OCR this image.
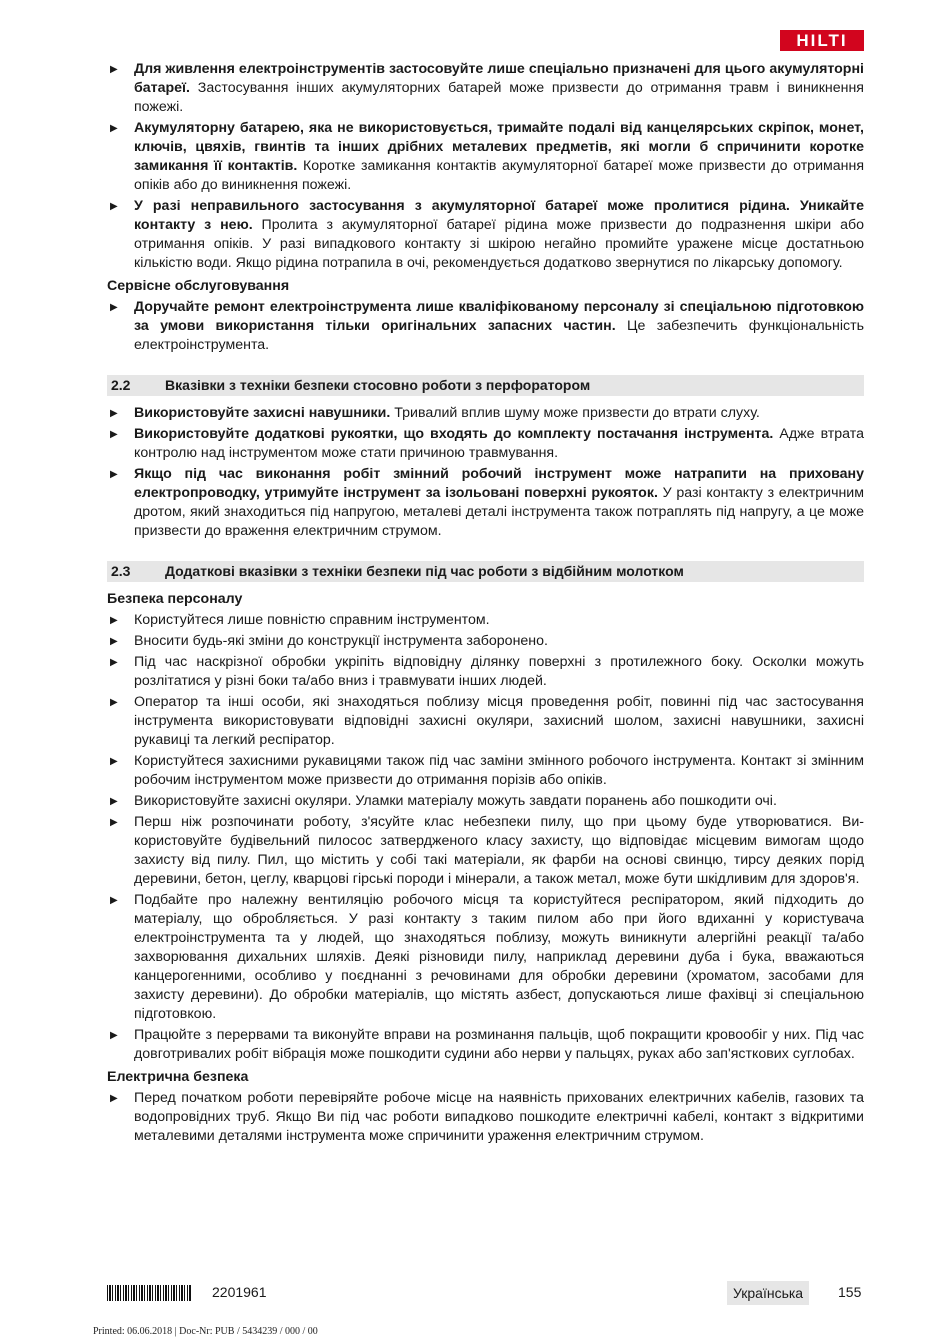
HILTI
▶ Для живлення електроінструментів застосовуйте лише спеціально призначені для цього акумуляторні батареї. Застосування інших акумуляторних батарей може призвести до отримання травм і виникнення пожежі.
▶ Акумуляторну батарею, яка не використовується, тримайте подалі від канцелярських скріпок, монет, ключів, цвяхів, гвинтів та інших дрібних металевих предметів, які могли б спричинити коротке замикання її контактів. Коротке замикання контактів акумуляторної батареї може призвести до отримання опіків або до виникнення пожежі.
▶ У разі неправильного застосування з акумуляторної батареї може пролитися рідина. Уникайте контакту з нею. Пролита з акумуляторної батареї рідина може призвести до подразнення шкіри або отримання опіків. У разі випадкового контакту зі шкірою негайно промийте уражене місце достатньою кількістю води. Якщо рідина потрапила в очі, рекомендується додатково звернутися по лікарську допомогу.
Сервісне обслуговування
▶ Доручайте ремонт електроінструмента лише кваліфікованому персоналу зі спеціальною підготовкою за умови використання тільки оригінальних запасних частин. Це забезпечить функціональність електроінструмента.
2.2 Вказівки з техніки безпеки стосовно роботи з перфоратором
▶ Використовуйте захисні навушники. Тривалий вплив шуму може призвести до втрати слуху.
▶ Використовуйте додаткові рукоятки, що входять до комплекту постачання інструмента. Адже втрата контролю над інструментом може стати причиною травмування.
▶ Якщо під час виконання робіт змінний робочий інструмент може натрапити на приховану електропроводку, утримуйте інструмент за ізольовані поверхні рукояток. У разі контакту з електричним дротом, який знаходиться під напругою, металеві деталі інструмента також потраплять під напругу, а це може призвести до враження електричним струмом.
2.3 Додаткові вказівки з техніки безпеки під час роботи з відбійним молотком
Безпека персоналу
▶ Користуйтеся лише повністю справним інструментом.
▶ Вносити будь-які зміни до конструкції інструмента заборонено.
▶ Під час наскрізної обробки укріпіть відповідну ділянку поверхні з протилежного боку. Осколки можуть розлітатися у різні боки та/або вниз і травмувати інших людей.
▶ Оператор та інші особи, які знаходяться поблизу місця проведення робіт, повинні під час застосування інструмента використовувати відповідні захисні окуляри, захисний шолом, захисні навушники, захисні рукавиці та легкий респіратор.
▶ Користуйтеся захисними рукавицями також під час заміни змінного робочого інструмента. Контакт зі змінним робочим інструментом може призвести до отримання порізів або опіків.
▶ Використовуйте захисні окуляри. Уламки матеріалу можуть завдати поранень або пошкодити очі.
▶ Перш ніж розпочинати роботу, з'ясуйте клас небезпеки пилу, що при цьому буде утворюватися. Використовуйте будівельний пилосос затвердженого класу захисту, що відповідає місцевим вимогам щодо захисту від пилу. Пил, що містить у собі такі матеріали, як фарби на основі свинцю, тирсу деяких порід деревини, бетон, цеглу, кварцові гірські породи і мінерали, а також метал, може бути шкідливим для здоров'я.
▶ Подбайте про належну вентиляцію робочого місця та користуйтеся респіратором, який підходить до матеріалу, що обробляється. У разі контакту з таким пилом або при його вдиханні у користувача електроінструмента та у людей, що знаходяться поблизу, можуть виникнути алергійні реакції та/або захворювання дихальних шляхів. Деякі різновиди пилу, наприклад деревини дуба і бука, вважаються канцерогенними, особливо у поєднанні з речовинами для обробки деревини (хроматом, засобами для захисту деревини). До обробки матеріалів, що містять азбест, допускаються лише фахівці зі спеціальною підготовкою.
▶ Працюйте з перервами та виконуйте вправи на розминання пальців, щоб покращити кровообіг у них. Під час довготривалих робіт вібрація може пошкодити судини або нерви у пальцях, руках або зап'ясткових суглобах.
Електрична безпека
▶ Перед початком роботи перевіряйте робоче місце на наявність прихованих електричних кабелів, газових та водопровідних труб. Якщо Ви під час роботи випадково пошкодите електричні кабелі, контакт з відкритими металевими деталями інструмента може спричинити ураження електричним струмом.
2201961	Українська	155
Printed: 06.06.2018 | Doc-Nr: PUB / 5434239 / 000 / 00
